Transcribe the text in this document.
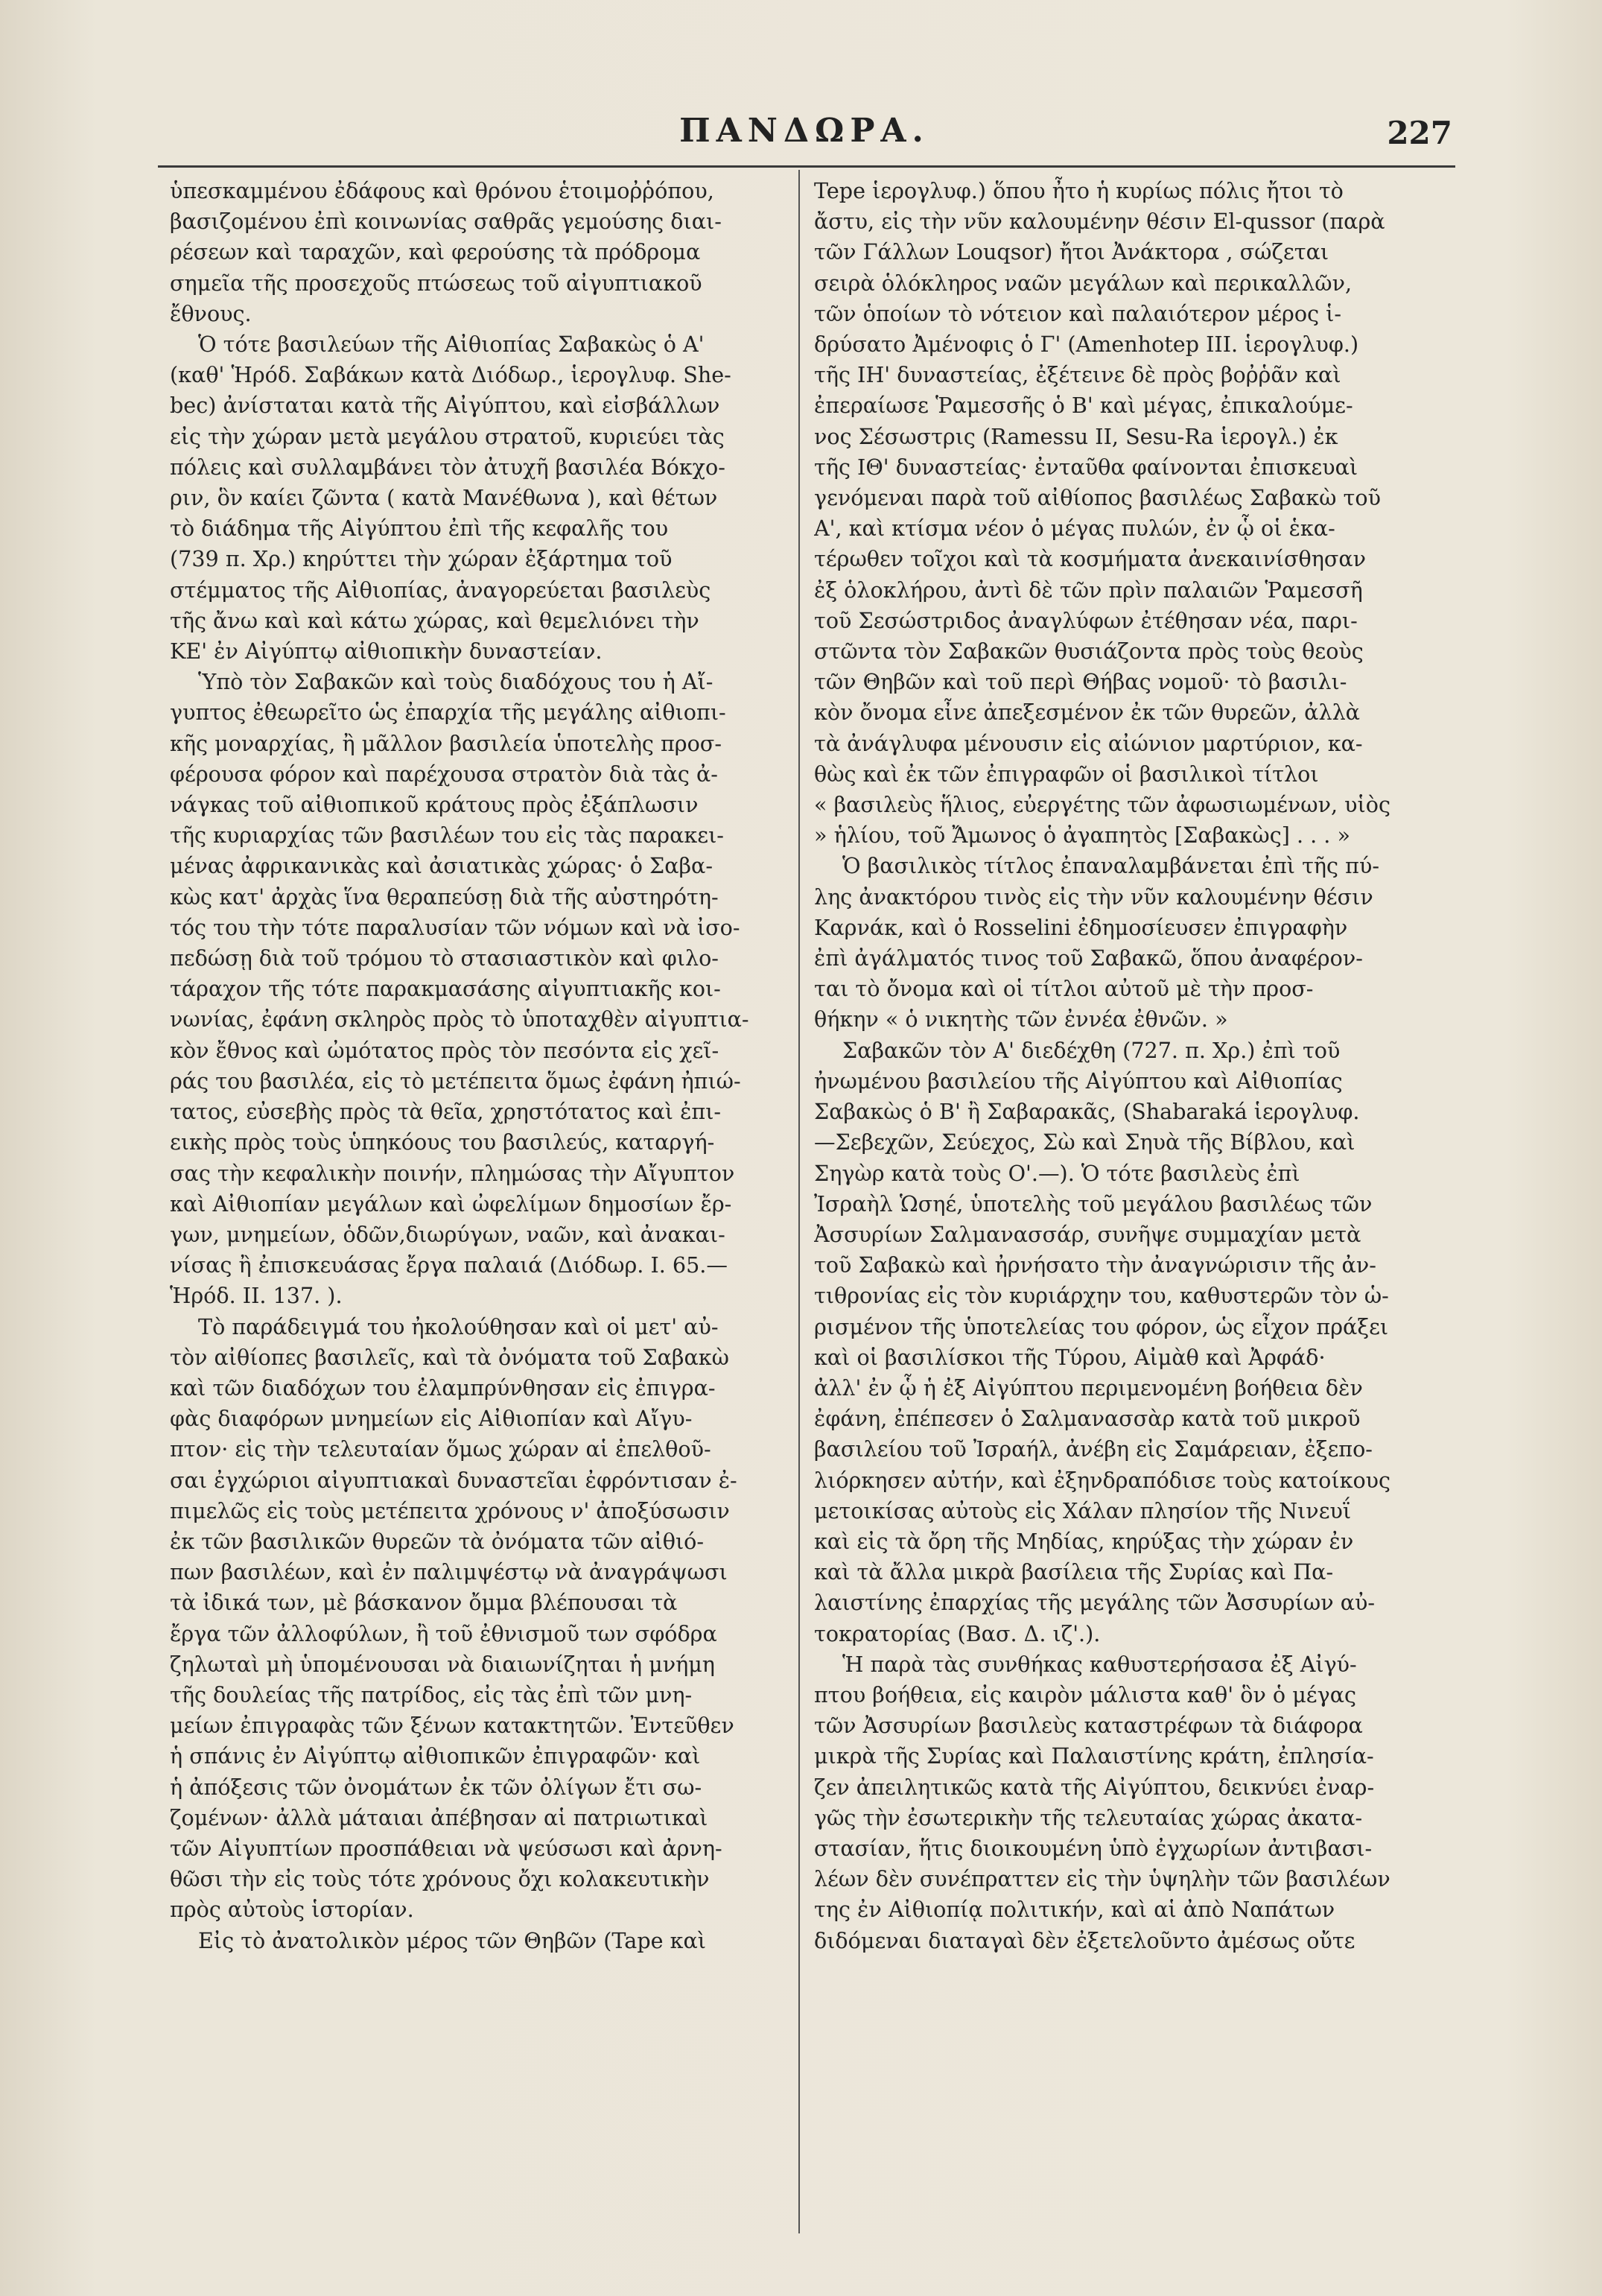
ΠΑΝΔΩΡΑ.	227
ὑπεσκαμμένου ἐδάφους καὶ θρόνου ἑτοιμοῤῥόπου,
βασιζομένου ἐπὶ κοινωνίας σαθρᾶς γεμούσης διαι-
ρέσεων καὶ ταραχῶν, καὶ φερούσης τὰ πρόδρομα
σημεῖα τῆς προσεχοῦς πτώσεως τοῦ αἰγυπτιακοῦ
ἔθνους.
Ὁ τότε βασιλεύων τῆς Αἰθιοπίας Σαβακὼς ὁ Α'
(καθ' Ἡρόδ. Σαβάκων κατὰ Διόδωρ., ἱερογλυφ. She-
bec) ἀνίσταται κατὰ τῆς Αἰγύπτου, καὶ εἰσβάλλων
εἰς τὴν χώραν μετὰ μεγάλου στρατοῦ, κυριεύει τὰς
πόλεις καὶ συλλαμβάνει τὸν ἀτυχῆ βασιλέα Βόκχο-
ριν, ὃν καίει ζῶντα ( κατὰ Μανέθωνα ), καὶ θέτων
τὸ διάδημα τῆς Αἰγύπτου ἐπὶ τῆς κεφαλῆς του
(739 π. Χρ.) κηρύττει τὴν χώραν ἐξάρτημα τοῦ
στέμματος τῆς Αἰθιοπίας, ἀναγορεύεται βασιλεὺς
τῆς ἄνω καὶ καὶ κάτω χώρας, καὶ θεμελιόνει τὴν
ΚΕ' ἐν Αἰγύπτῳ αἰθιοπικὴν δυναστείαν.
Ὑπὸ τὸν Σαβακῶν καὶ τοὺς διαδόχους του ἡ Αἴ-
γυπτος ἐθεωρεῖτο ὡς ἐπαρχία τῆς μεγάλης αἰθιοπι-
κῆς μοναρχίας, ἢ μᾶλλον βασιλεία ὑποτελὴς προσ-
φέρουσα φόρον καὶ παρέχουσα στρατὸν διὰ τὰς ἀ-
νάγκας τοῦ αἰθιοπικοῦ κράτους πρὸς ἐξάπλωσιν
τῆς κυριαρχίας τῶν βασιλέων του εἰς τὰς παρακει-
μένας ἀφρικανικὰς καὶ ἀσιατικὰς χώρας· ὁ Σαβα-
κὼς κατ' ἀρχὰς ἵνα θεραπεύσῃ διὰ τῆς αὐστηρότη-
τός του τὴν τότε παραλυσίαν τῶν νόμων καὶ νὰ ἰσο-
πεδώσῃ διὰ τοῦ τρόμου τὸ στασιαστικὸν καὶ φιλο-
τάραχον τῆς τότε παρακμασάσης αἰγυπτιακῆς κοι-
νωνίας, ἐφάνη σκληρὸς πρὸς τὸ ὑποταχθὲν αἰγυπτια-
κὸν ἔθνος καὶ ὠμότατος πρὸς τὸν πεσόντα εἰς χεῖ-
ράς του βασιλέα, εἰς τὸ μετέπειτα ὅμως ἐφάνη ἠπιώ-
τατος, εὐσεβὴς πρὸς τὰ θεῖα, χρηστότατος καὶ ἐπι-
εικὴς πρὸς τοὺς ὑπηκόους του βασιλεύς, καταργή-
σας τὴν κεφαλικὴν ποινήν, πλημώσας τὴν Αἴγυπτον
καὶ Αἰθιοπίαν μεγάλων καὶ ὠφελίμων δημοσίων ἔρ-
γων, μνημείων, ὁδῶν,διωρύγων, ναῶν, καὶ ἀνακαι-
νίσας ἢ ἐπισκευάσας ἔργα παλαιά (Διόδωρ. Ι. 65.—
Ἡρόδ. ΙΙ. 137. ).
Τὸ παράδειγμά του ἠκολούθησαν καὶ οἱ μετ' αὐ-
τὸν αἰθίοπες βασιλεῖς, καὶ τὰ ὀνόματα τοῦ Σαβακὼ
καὶ τῶν διαδόχων του ἐλαμπρύνθησαν εἰς ἐπιγρα-
φὰς διαφόρων μνημείων εἰς Αἰθιοπίαν καὶ Αἴγυ-
πτον· εἰς τὴν τελευταίαν ὅμως χώραν αἱ ἐπελθοῦ-
σαι ἐγχώριοι αἰγυπτιακαὶ δυναστεῖαι ἐφρόντισαν ἐ-
πιμελῶς εἰς τοὺς μετέπειτα χρόνους ν' ἀποξύσωσιν
ἐκ τῶν βασιλικῶν θυρεῶν τὰ ὀνόματα τῶν αἰθιό-
πων βασιλέων, καὶ ἐν παλιμψέστῳ νὰ ἀναγράψωσι
τὰ ἰδικά των, μὲ βάσκανον ὄμμα βλέπουσαι τὰ
ἔργα τῶν ἀλλοφύλων, ἢ τοῦ ἐθνισμοῦ των σφόδρα
ζηλωταὶ μὴ ὑπομένουσαι νὰ διαιωνίζηται ἡ μνήμη
τῆς δουλείας τῆς πατρίδος, εἰς τὰς ἐπὶ τῶν μνη-
μείων ἐπιγραφὰς τῶν ξένων κατακτητῶν. Ἐντεῦθεν
ἡ σπάνις ἐν Αἰγύπτῳ αἰθιοπικῶν ἐπιγραφῶν· καὶ
ἡ ἀπόξεσις τῶν ὀνομάτων ἐκ τῶν ὀλίγων ἔτι σω-
ζομένων· ἀλλὰ μάταιαι ἀπέβησαν αἱ πατριωτικαὶ
τῶν Αἰγυπτίων προσπάθειαι νὰ ψεύσωσι καὶ ἀρνη-
θῶσι τὴν εἰς τοὺς τότε χρόνους ὄχι κολακευτικὴν
πρὸς αὐτοὺς ἱστορίαν.
Εἰς τὸ ἀνατολικὸν μέρος τῶν Θηβῶν (Tape καὶ
Tepe ἱερογλυφ.) ὅπου ἦτο ἡ κυρίως πόλις ἤτοι τὸ
ἄστυ, εἰς τὴν νῦν καλουμένην θέσιν El-qussor (παρὰ
τῶν Γάλλων Louqsor) ἤτοι Ἀνάκτορα , σώζεται
σειρὰ ὁλόκληρος ναῶν μεγάλων καὶ περικαλλῶν,
τῶν ὁποίων τὸ νότειον καὶ παλαιότερον μέρος ἱ-
δρύσατο Ἀμένοφις ὁ Γ' (Amenhotep III. ἱερογλυφ.)
τῆς ΙΗ' δυναστείας, ἐξέτεινε δὲ πρὸς βοῤῥᾶν καὶ
ἐπεραίωσε Ῥαμεσσῆς ὁ Β' καὶ μέγας, ἐπικαλούμε-
νος Σέσωστρις (Ramessu II, Sesu-Ra ἱερογλ.) ἐκ
τῆς ΙΘ' δυναστείας· ἐνταῦθα φαίνονται ἐπισκευαὶ
γενόμεναι παρὰ τοῦ αἰθίοπος βασιλέως Σαβακὼ τοῦ
Α', καὶ κτίσμα νέον ὁ μέγας πυλών, ἐν ᾧ οἱ ἑκα-
τέρωθεν τοῖχοι καὶ τὰ κοσμήματα ἀνεκαινίσθησαν
ἐξ ὁλοκλήρου, ἀντὶ δὲ τῶν πρὶν παλαιῶν Ῥαμεσσῆ
τοῦ Σεσώστριδος ἀναγλύφων ἐτέθησαν νέα, παρι-
στῶντα τὸν Σαβακῶν θυσιάζοντα πρὸς τοὺς θεοὺς
τῶν Θηβῶν καὶ τοῦ περὶ Θήβας νομοῦ· τὸ βασιλι-
κὸν ὄνομα εἶνε ἀπεξεσμένον ἐκ τῶν θυρεῶν, ἀλλὰ
τὰ ἀνάγλυφα μένουσιν εἰς αἰώνιον μαρτύριον, κα-
θὼς καὶ ἐκ τῶν ἐπιγραφῶν οἱ βασιλικοὶ τίτλοι
« βασιλεὺς ἥλιος, εὐεργέτης τῶν ἀφωσιωμένων, υἱὸς
» ἡλίου, τοῦ Ἄμωνος ὁ ἀγαπητὸς [Σαβακὼς] . . . »
Ὁ βασιλικὸς τίτλος ἐπαναλαμβάνεται ἐπὶ τῆς πύ-
λης ἀνακτόρου τινὸς εἰς τὴν νῦν καλουμένην θέσιν
Καρνάκ, καὶ ὁ Rosselini ἐδημοσίευσεν ἐπιγραφὴν
ἐπὶ ἀγάλματός τινος τοῦ Σαβακῶ, ὅπου ἀναφέρον-
ται τὸ ὄνομα καὶ οἱ τίτλοι αὐτοῦ μὲ τὴν προσ-
θήκην « ὁ νικητὴς τῶν ἐννέα ἐθνῶν. »
Σαβακῶν τὸν Α' διεδέχθη (727. π. Χρ.) ἐπὶ τοῦ
ἠνωμένου βασιλείου τῆς Αἰγύπτου καὶ Αἰθιοπίας
Σαβακὼς ὁ Β' ἢ Σαβαρακᾶς, (Shabaraká ἱερογλυφ.
—Σεβεχῶν, Σεύεχος, Σὼ καὶ Σηυὰ τῆς Βίβλου, καὶ
Σηγὼρ κατὰ τοὺς Ο'.—). Ὁ τότε βασιλεὺς ἐπὶ
Ἰσραὴλ Ὡσηέ, ὑποτελὴς τοῦ μεγάλου βασιλέως τῶν
Ἀσσυρίων Σαλμανασσάρ, συνῆψε συμμαχίαν μετὰ
τοῦ Σαβακὼ καὶ ἠρνήσατο τὴν ἀναγνώρισιν τῆς ἀν-
τιθρονίας εἰς τὸν κυριάρχην του, καθυστερῶν τὸν ὡ-
ρισμένον τῆς ὑποτελείας του φόρον, ὡς εἶχον πράξει
καὶ οἱ βασιλίσκοι τῆς Τύρου, Αἰμὰθ καὶ Ἀρφάδ·
ἀλλ' ἐν ᾧ ἡ ἐξ Αἰγύπτου περιμενομένη βοήθεια δὲν
ἐφάνη, ἐπέπεσεν ὁ Σαλμανασσὰρ κατὰ τοῦ μικροῦ
βασιλείου τοῦ Ἰσραήλ, ἀνέβη εἰς Σαμάρειαν, ἐξεπο-
λιόρκησεν αὐτήν, καὶ ἐξηνδραπόδισε τοὺς κατοίκους
μετοικίσας αὐτοὺς εἰς Χάλαν πλησίον τῆς Νινευΐ
καὶ εἰς τὰ ὄρη τῆς Μηδίας, κηρύξας τὴν χώραν ἐν
καὶ τὰ ἄλλα μικρὰ βασίλεια τῆς Συρίας καὶ Πα-
λαιστίνης ἐπαρχίας τῆς μεγάλης τῶν Ἀσσυρίων αὐ-
τοκρατορίας (Βασ. Δ. ιζ'.).
Ἡ παρὰ τὰς συνθήκας καθυστερήσασα ἐξ Αἰγύ-
πτου βοήθεια, εἰς καιρὸν μάλιστα καθ' ὃν ὁ μέγας
τῶν Ἀσσυρίων βασιλεὺς καταστρέφων τὰ διάφορα
μικρὰ τῆς Συρίας καὶ Παλαιστίνης κράτη, ἐπλησία-
ζεν ἀπειλητικῶς κατὰ τῆς Αἰγύπτου, δεικνύει ἐναρ-
γῶς τὴν ἐσωτερικὴν τῆς τελευταίας χώρας ἀκατα-
στασίαν, ἥτις διοικουμένη ὑπὸ ἐγχωρίων ἀντιβασι-
λέων δὲν συνέπραττεν εἰς τὴν ὑψηλὴν τῶν βασιλέων
της ἐν Αἰθιοπίᾳ πολιτικήν, καὶ αἱ ἀπὸ Ναπάτων
διδόμεναι διαταγαὶ δὲν ἐξετελοῦντο ἀμέσως οὔτε
